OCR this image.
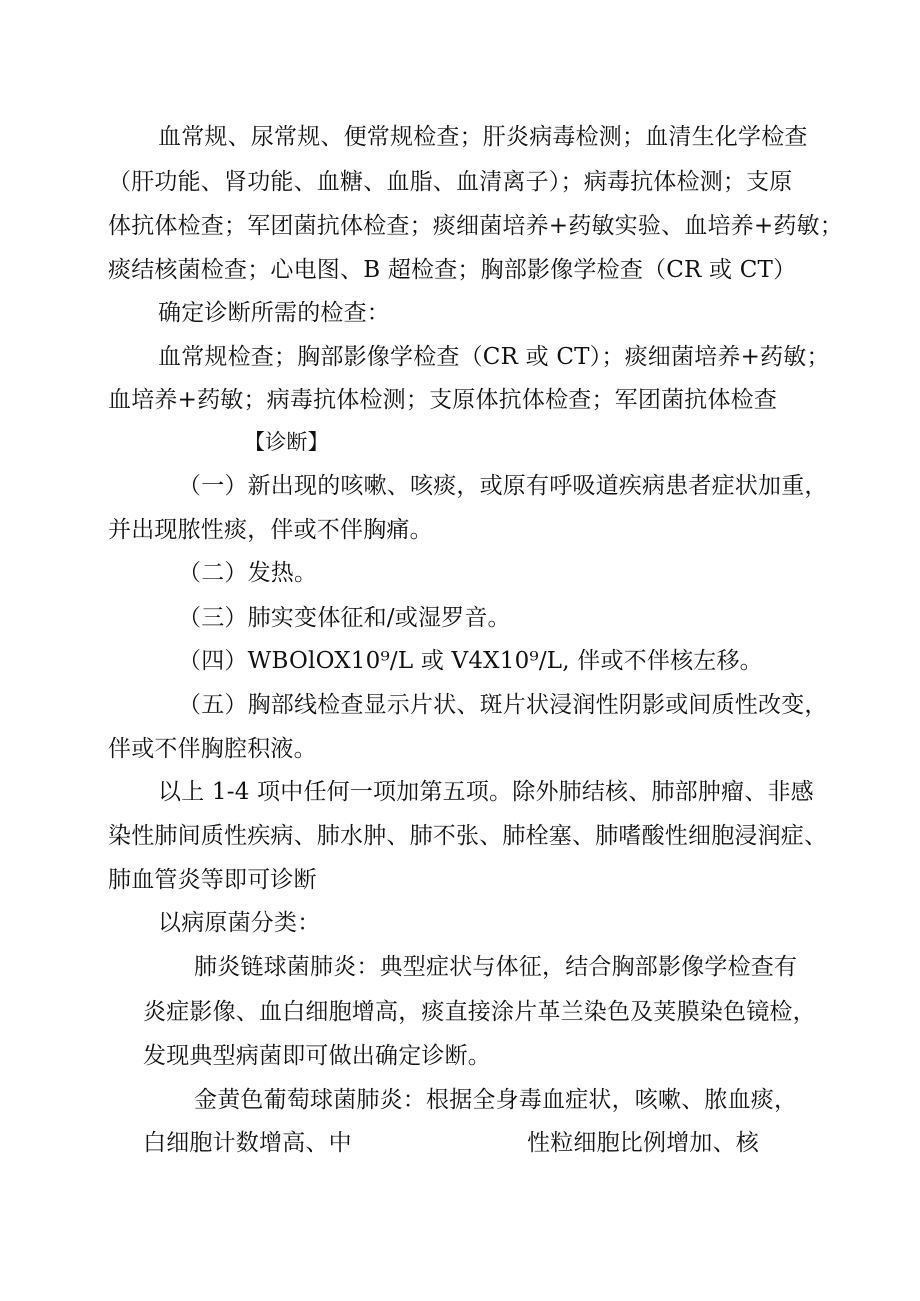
血常规、尿常规、便常规检查；肝炎病毒检测；血清生化学检查
（肝功能、肾功能、血糖、血脂、血清离子）；病毒抗体检测；支原
体抗体检查；军团菌抗体检查；痰细菌培养+药敏实验、血培养+药敏；
痰结核菌检查；心电图、B 超检查；胸部影像学检查（CR 或 CT）
确定诊断所需的检查：
血常规检查；胸部影像学检查（CR 或 CT）；痰细菌培养+药敏；
血培养+药敏；病毒抗体检测；支原体抗体检查；军团菌抗体检查
【诊断】
（一）新出现的咳嗽、咳痰，或原有呼吸道疾病患者症状加重，
并出现脓性痰，伴或不伴胸痛。
（二）发热。
（三）肺实变体征和/或湿罗音。
（四）WBOlOX10⁹/L 或 V4X10⁹/L, 伴或不伴核左移。
（五）胸部线检查显示片状、斑片状浸润性阴影或间质性改变，
伴或不伴胸腔积液。
以上 1-4 项中任何一项加第五项。除外肺结核、肺部肿瘤、非感
染性肺间质性疾病、肺水肿、肺不张、肺栓塞、肺嗜酸性细胞浸润症、
肺血管炎等即可诊断
以病原菌分类：
肺炎链球菌肺炎：典型症状与体征，结合胸部影像学检查有
炎症影像、血白细胞增高，痰直接涂片革兰染色及荚膜染色镜检，
发现典型病菌即可做出确定诊断。
金黄色葡萄球菌肺炎：根据全身毒血症状，咳嗽、脓血痰，
白细胞计数增高、中	性粒细胞比例增加、核
